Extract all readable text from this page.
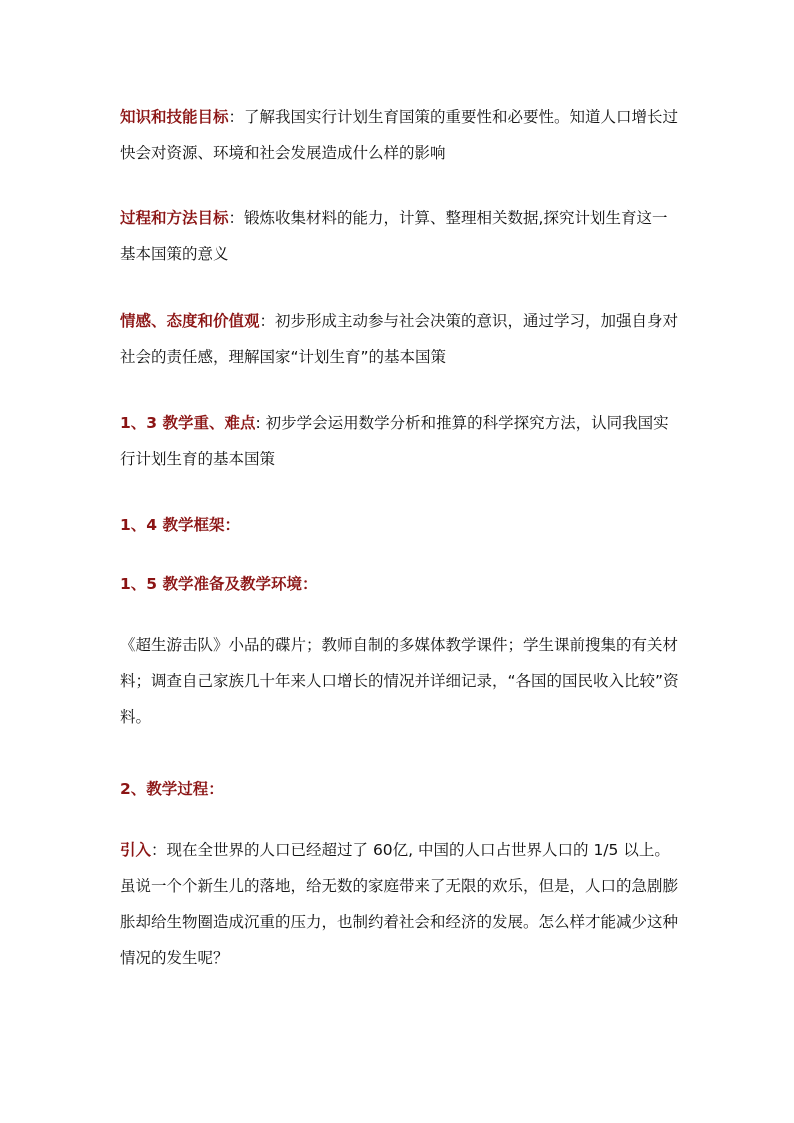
知识和技能目标：了解我国实行计划生育国策的重要性和必要性。知道人口增长过快会对资源、环境和社会发展造成什么样的影响

过程和方法目标：锻炼收集材料的能力，计算、整理相关数据,探究计划生育这一基本国策的意义

情感、态度和价值观：初步形成主动参与社会决策的意识，通过学习，加强自身对社会的责任感，理解国家“计划生育”的基本国策

1、3 教学重、难点: 初步学会运用数学分析和推算的科学探究方法，认同我国实行计划生育的基本国策

1、4 教学框架：

1、5 教学准备及教学环境：

《超生游击队》小品的碟片；教师自制的多媒体教学课件；学生课前搜集的有关材料；调查自己家族几十年来人口增长的情况并详细记录，“各国的国民收入比较”资料。

2、教学过程：

引入：现在全世界的人口已经超过了 60亿, 中国的人口占世界人口的 1/5 以上。虽说一个个新生儿的落地，给无数的家庭带来了无限的欢乐，但是，人口的急剧膨胀却给生物圈造成沉重的压力，也制约着社会和经济的发展。怎么样才能减少这种情况的发生呢？
